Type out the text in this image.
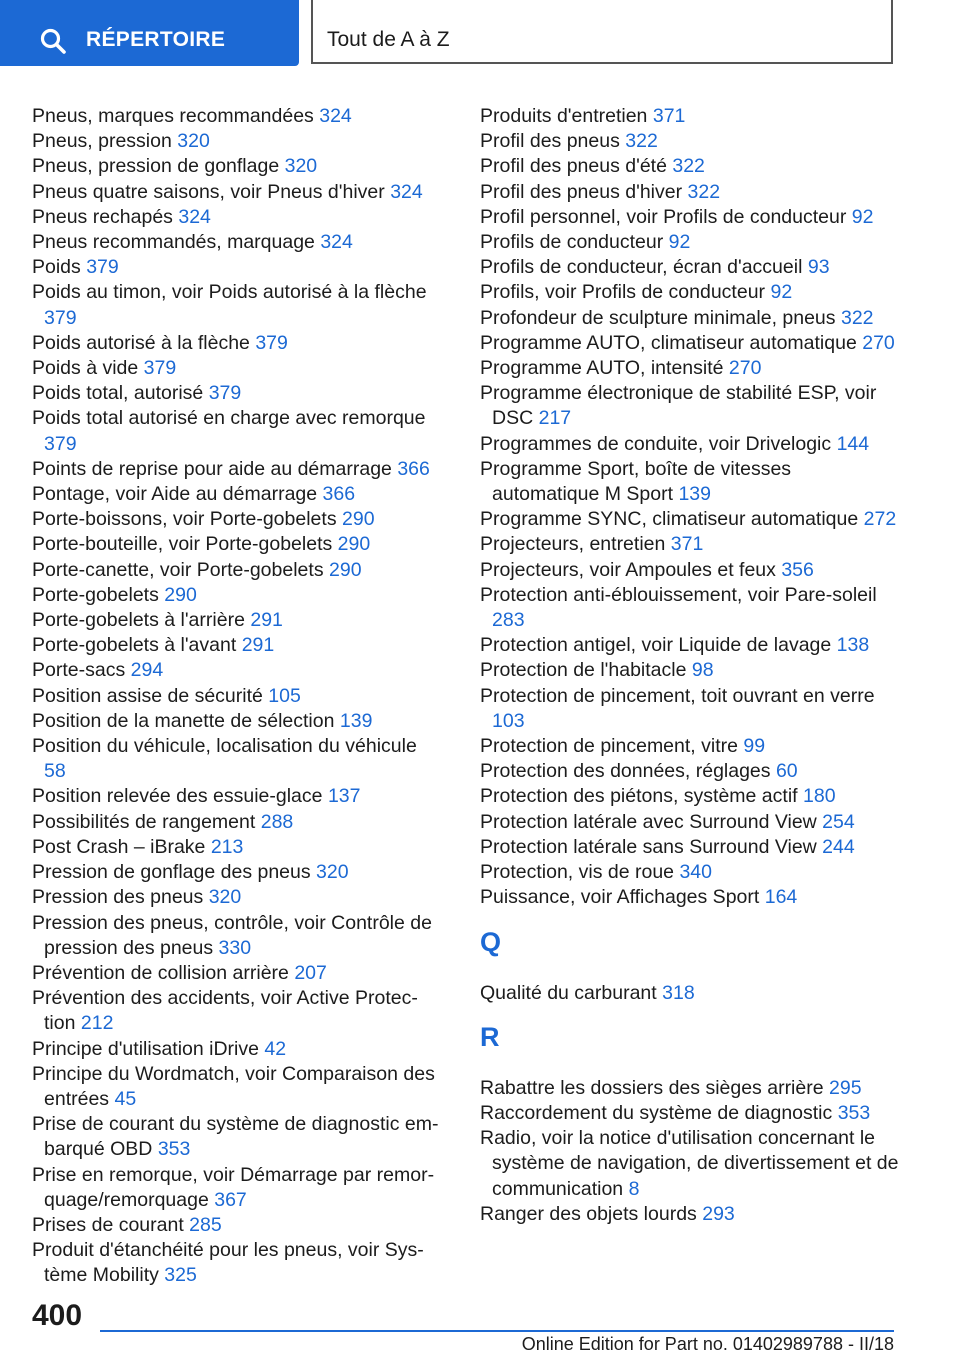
RÉPERTOIRE	Tout de A à Z
Pneus, marques recommandées 324
Pneus, pression 320
Pneus, pression de gonflage 320
Pneus quatre saisons, voir Pneus d'hiver 324
Pneus rechapés 324
Pneus recommandés, marquage 324
Poids 379
Poids au timon, voir Poids autorisé à la flèche 379
Poids autorisé à la flèche 379
Poids à vide 379
Poids total, autorisé 379
Poids total autorisé en charge avec remorque 379
Points de reprise pour aide au démarrage 366
Pontage, voir Aide au démarrage 366
Porte-boissons, voir Porte-gobelets 290
Porte-bouteille, voir Porte-gobelets 290
Porte-canette, voir Porte-gobelets 290
Porte-gobelets 290
Porte-gobelets à l'arrière 291
Porte-gobelets à l'avant 291
Porte-sacs 294
Position assise de sécurité 105
Position de la manette de sélection 139
Position du véhicule, localisation du véhicule 58
Position relevée des essuie-glace 137
Possibilités de rangement 288
Post Crash – iBrake 213
Pression de gonflage des pneus 320
Pression des pneus 320
Pression des pneus, contrôle, voir Contrôle de pression des pneus 330
Prévention de collision arrière 207
Prévention des accidents, voir Active Protection 212
Principe d'utilisation iDrive 42
Principe du Wordmatch, voir Comparaison des entrées 45
Prise de courant du système de diagnostic embarqué OBD 353
Prise en remorque, voir Démarrage par remorquage/remorquage 367
Prises de courant 285
Produit d'étanchéité pour les pneus, voir Système Mobility 325
Produits d'entretien 371
Profil des pneus 322
Profil des pneus d'été 322
Profil des pneus d'hiver 322
Profil personnel, voir Profils de conducteur 92
Profils de conducteur 92
Profils de conducteur, écran d'accueil 93
Profils, voir Profils de conducteur 92
Profondeur de sculpture minimale, pneus 322
Programme AUTO, climatiseur automatique 270
Programme AUTO, intensité 270
Programme électronique de stabilité ESP, voir DSC 217
Programmes de conduite, voir Drivelogic 144
Programme Sport, boîte de vitesses automatique M Sport 139
Programme SYNC, climatiseur automatique 272
Projecteurs, entretien 371
Projecteurs, voir Ampoules et feux 356
Protection anti-éblouissement, voir Pare-soleil 283
Protection antigel, voir Liquide de lavage 138
Protection de l'habitacle 98
Protection de pincement, toit ouvrant en verre 103
Protection de pincement, vitre 99
Protection des données, réglages 60
Protection des piétons, système actif 180
Protection latérale avec Surround View 254
Protection latérale sans Surround View 244
Protection, vis de roue 340
Puissance, voir Affichages Sport 164
Q
Qualité du carburant 318
R
Rabattre les dossiers des sièges arrière 295
Raccordement du système de diagnostic 353
Radio, voir la notice d'utilisation concernant le système de navigation, de divertissement et de communication 8
Ranger des objets lourds 293
400
Online Edition for Part no. 01402989788 - II/18
